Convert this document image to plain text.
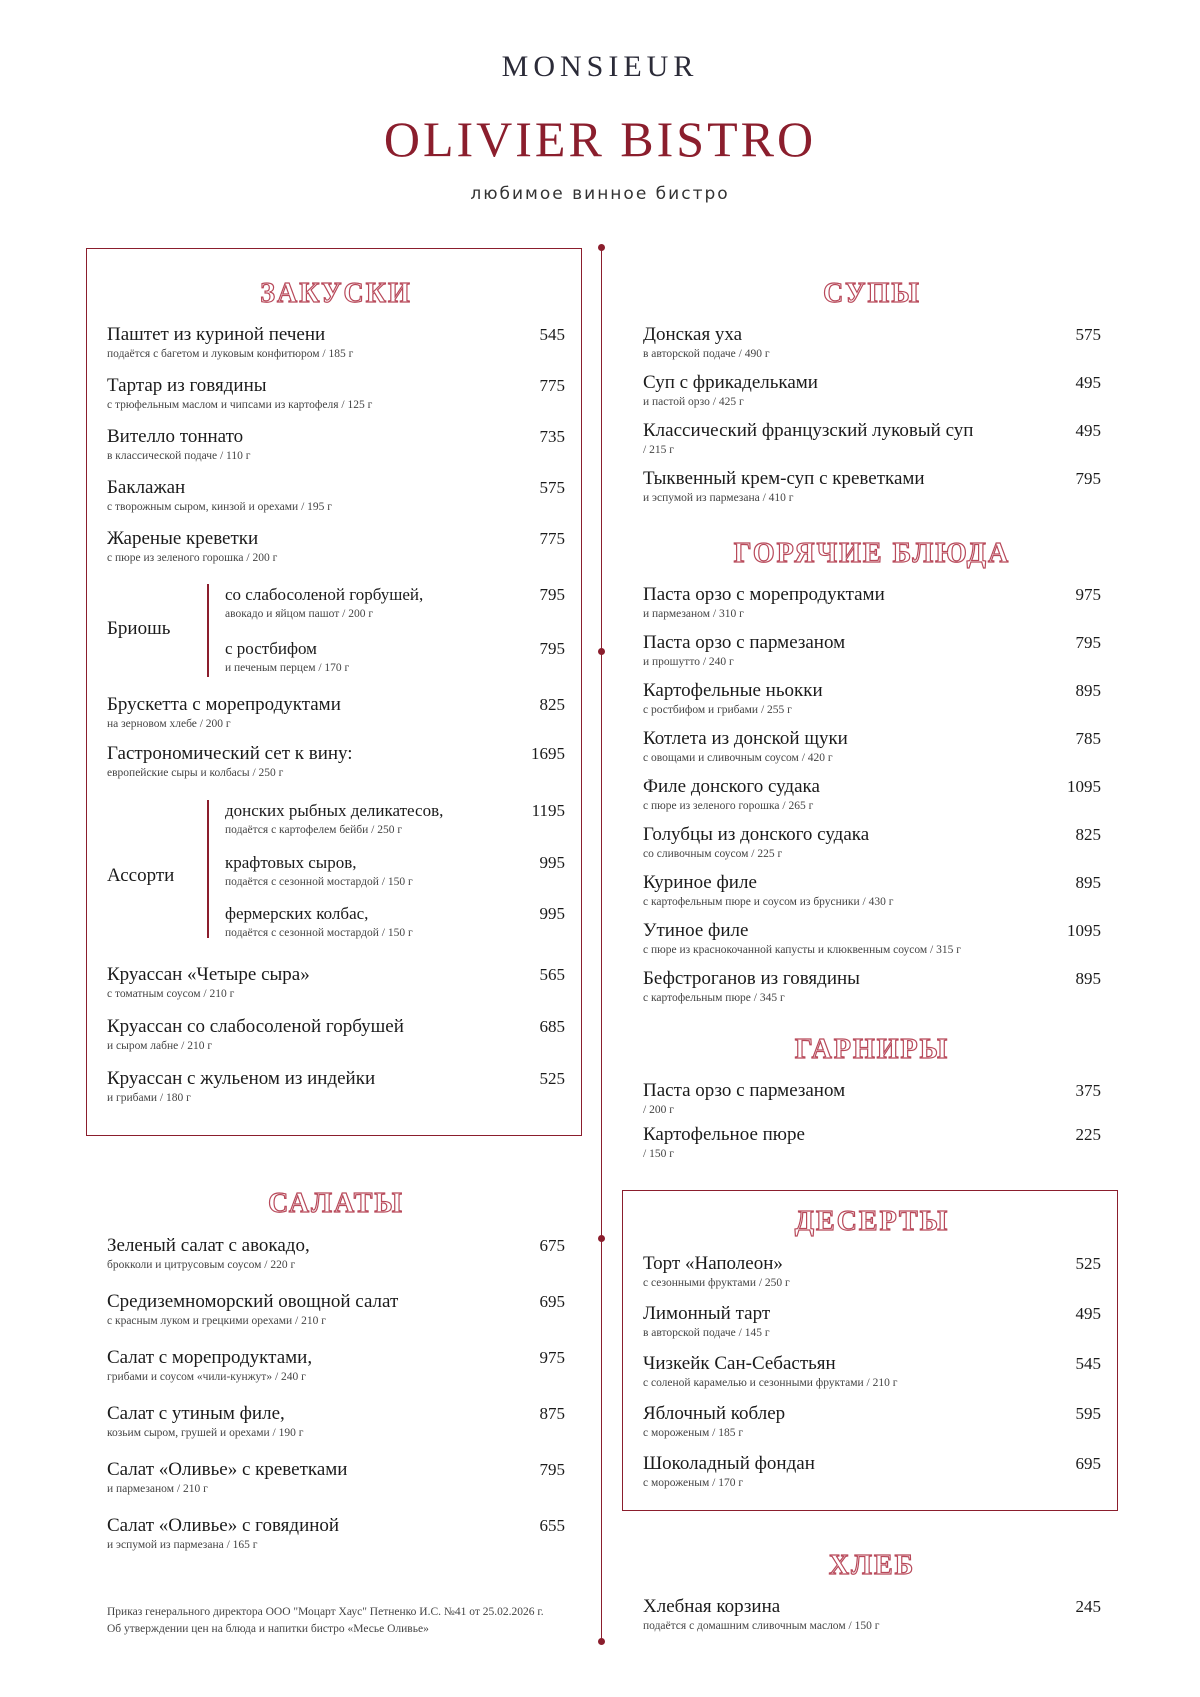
MONSIEUR
OLIVIER BISTRO
любимое винное бистро
ЗАКУСКИ
Паштет из куриной печени
подаётся с багетом и луковым конфитюром / 185 г
545
Тартар из говядины
с трюфельным маслом и чипсами из картофеля / 125 г
775
Вителло тоннато
в классической подаче / 110 г
735
Баклажан
с творожным сыром, кинзой и орехами / 195 г
575
Жареные креветки
с пюре из зеленого горошка / 200 г
775
Бриошь
со слабосоленой горбушей,
авокадо и яйцом пашот / 200 г
795
с ростбифом
и печеным перцем / 170 г
795
Брускетта с морепродуктами
на зерновом хлебе / 200 г
825
Гастрономический сет к вину:
европейские сыры и колбасы / 250 г
1695
Ассорти
донских рыбных деликатесов,
подаётся с картофелем бейби / 250 г
1195
крафтовых сыров,
подаётся с сезонной мостардой / 150 г
995
фермерских колбас,
подаётся с сезонной мостардой / 150 г
995
Круассан «Четыре сыра»
с томатным соусом / 210 г
565
Круассан со слабосоленой горбушей
и сыром лабне / 210 г
685
Круассан с жульеном из индейки
и грибами / 180 г
525
САЛАТЫ
Зеленый салат с авокадо,
брокколи и цитрусовым соусом / 220 г
675
Средиземноморский овощной салат
с красным луком и грецкими орехами / 210 г
695
Салат с морепродуктами,
грибами и соусом «чили-кунжут» / 240 г
975
Салат с утиным филе,
козьим сыром, грушей и орехами / 190 г
875
Салат «Оливье» с креветками
и пармезаном / 210 г
795
Салат «Оливье» с говядиной
и эспумой из пармезана / 165 г
655
Приказ генерального директора ООО "Моцарт Хаус" Петненко И.С. №41 от 25.02.2026 г.
Об утверждении цен на блюда и напитки бистро «Месье Оливье»
СУПЫ
Донская уха
в авторской подаче / 490 г
575
Суп с фрикадельками
и пастой орзо / 425 г
495
Классический французский луковый суп
/ 215 г
495
Тыквенный крем-суп с креветками
и эспумой из пармезана / 410 г
795
ГОРЯЧИЕ БЛЮДА
Паста орзо с морепродуктами
и пармезаном / 310 г
975
Паста орзо с пармезаном
и прошутто / 240 г
795
Картофельные ньокки
с ростбифом и грибами / 255 г
895
Котлета из донской щуки
с овощами и сливочным соусом / 420 г
785
Филе донского судака
с пюре из зеленого горошка / 265 г
1095
Голубцы из донского судака
со сливочным соусом / 225 г
825
Куриное филе
с картофельным пюре и соусом из брусники / 430 г
895
Утиное филе
с пюре из краснокочанной капусты и клюквенным соусом / 315 г
1095
Бефстроганов из говядины
с картофельным пюре / 345 г
895
ГАРНИРЫ
Паста орзо с пармезаном
/ 200 г
375
Картофельное пюре
/ 150 г
225
ДЕСЕРТЫ
Торт «Наполеон»
с сезонными фруктами / 250 г
525
Лимонный тарт
в авторской подаче / 145 г
495
Чизкейк Сан-Себастьян
с соленой карамелью и сезонными фруктами / 210 г
545
Яблочный коблер
с мороженым / 185 г
595
Шоколадный фондан
с мороженым / 170 г
695
ХЛЕБ
Хлебная корзина
подаётся с домашним сливочным маслом / 150 г
245
